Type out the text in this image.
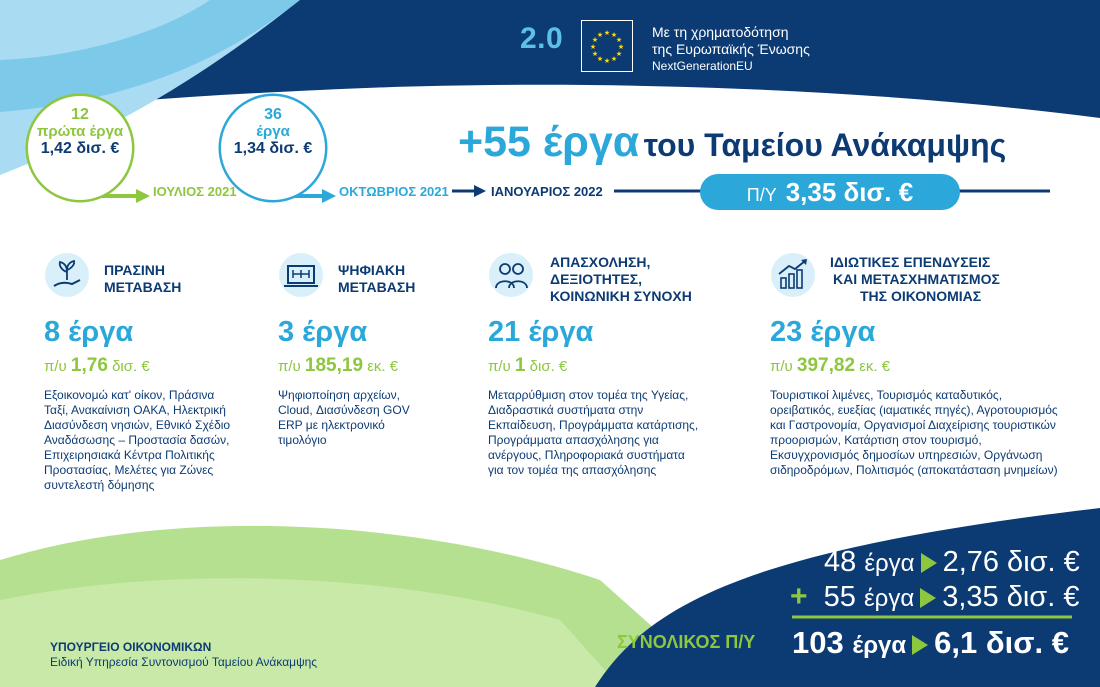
Ελλάδα 2.0
ΕΘΝΙΚΟ ΣΧΕΔΙΟ ΑΝΑΚΑΜΨΗΣ
ΚΑΙ ΑΝΘΕΚΤΙΚΟΤΗΤΑΣ
★ ★
★
★
★
★
★
★
★
★
★
★	Με τη χρηματοδότηση
της Ευρωπαϊκής Ένωσης
NextGenerationEU
12
πρώτα έργα
1,42 δισ. €
36
έργα
1,34 δισ. €
ΙΟΥΛΙΟΣ 2021	ΟΚΤΩΒΡΙΟΣ 2021	ΙΑΝΟΥΑΡΙΟΣ 2022
+55 έργα του Ταμείου Ανάκαμψης
Π/Υ 3,35 δισ. €
ΠΡΑΣΙΝΗ
ΜΕΤΑΒΑΣΗ
8 έργα
π/υ 1,76 δισ. €
Εξοικονομώ κατ' οίκον, Πράσινα
Ταξί, Ανακαίνιση ΟΑΚΑ, Ηλεκτρική
Διασύνδεση νησιών, Εθνικό Σχέδιο
Αναδάσωσης – Προστασία δασών,
Επιχειρησιακά Κέντρα Πολιτικής
Προστασίας, Μελέτες για Ζώνες
συντελεστή δόμησης
ΨΗΦΙΑΚΗ
ΜΕΤΑΒΑΣΗ
3 έργα
π/υ 185,19 εκ. €
Ψηφιοποίηση αρχείων,
Cloud, Διασύνδεση GOV
ERP με ηλεκτρονικό
τιμολόγιο
ΑΠΑΣΧΟΛΗΣΗ,
ΔΕΞΙΟΤΗΤΕΣ,
ΚΟΙΝΩΝΙΚΗ ΣΥΝΟΧΗ
21 έργα
π/υ 1 δισ. €
Μεταρρύθμιση στον τομέα της Υγείας,
Διαδραστικά συστήματα στην
Εκπαίδευση, Προγράμματα κατάρτισης,
Προγράμματα απασχόλησης για
ανέργους, Πληροφοριακά συστήματα
για τον τομέα της απασχόλησης
ΙΔΙΩΤΙΚΕΣ ΕΠΕΝΔΥΣΕΙΣ
ΚΑΙ ΜΕΤΑΣΧΗΜΑΤΙΣΜΟΣ
ΤΗΣ ΟΙΚΟΝΟΜΙΑΣ
23 έργα
π/υ 397,82 εκ. €
Τουριστικοί λιμένες, Τουρισμός καταδυτικός,
ορειβατικός, ευεξίας (ιαματικές πηγές), Αγροτουρισμός
και Γαστρονομία, Οργανισμοί Διαχείρισης τουριστικών
προορισμών, Κατάρτιση στον τουρισμό,
Εκσυγχρονισμός δημοσίων υπηρεσιών, Οργάνωση
σιδηροδρόμων, Πολιτισμός (αποκατάσταση μνημείων)
48 έργα 2,76 δισ. €
+ 55 έργα 3,35 δισ. €
ΣΥΝΟΛΙΚΟΣ Π/Υ 103 έργα 6,1 δισ. €
ΥΠΟΥΡΓΕΙΟ ΟΙΚΟΝΟΜΙΚΩΝ
Ειδική Υπηρεσία Συντονισμού Ταμείου Ανάκαμψης
